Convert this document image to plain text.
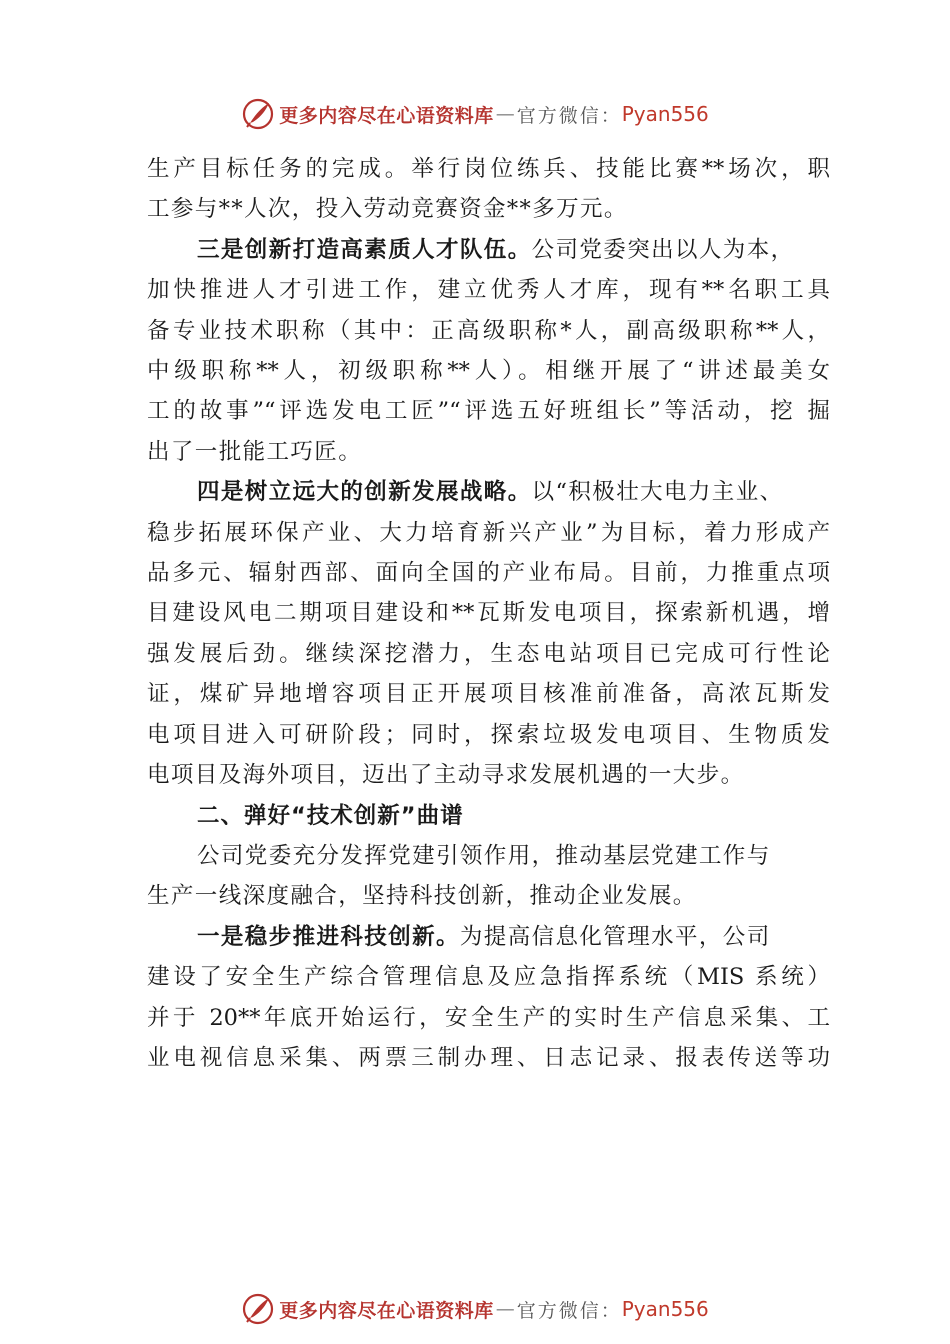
更多内容尽在心语资料库 — 官方微信： Pyan556
生产目标任务的完成。举行岗位练兵、技能比赛**场次，职
工参与**人次，投入劳动竞赛资金**多万元。
三是创新打造高素质人才队伍。公司党委突出以人为本，
加快推进人才引进工作，建立优秀人才库，现有**名职工具
备专业技术职称（其中：正高级职称*人，副高级职称**人，
中级职称**人，初级职称**人）。相继开展了“讲述最美女
工的故事”“评选发电工匠”“评选五好班组长”等活动，挖 掘
出了一批能工巧匠。
四是树立远大的创新发展战略。以“积极壮大电力主业、
稳步拓展环保产业、大力培育新兴产业”为目标，着力形成产
品多元、辐射西部、面向全国的产业布局。目前，力推重点项
目建设风电二期项目建设和**瓦斯发电项目，探索新机遇，增
强发展后劲。继续深挖潜力，生态电站项目已完成可行性论
证，煤矿异地增容项目正开展项目核准前准备，高浓瓦斯发
电项目进入可研阶段；同时，探索垃圾发电项目、生物质发
电项目及海外项目，迈出了主动寻求发展机遇的一大步。
二、弹好“技术创新”曲谱
公司党委充分发挥党建引领作用，推动基层党建工作与
生产一线深度融合，坚持科技创新，推动企业发展。
一是稳步推进科技创新。为提高信息化管理水平，公司
建设了安全生产综合管理信息及应急指挥系统（MIS 系统）
并于 20**年底开始运行，安全生产的实时生产信息采集、工
业电视信息采集、两票三制办理、日志记录、报表传送等功
更多内容尽在心语资料库 — 官方微信： Pyan556
